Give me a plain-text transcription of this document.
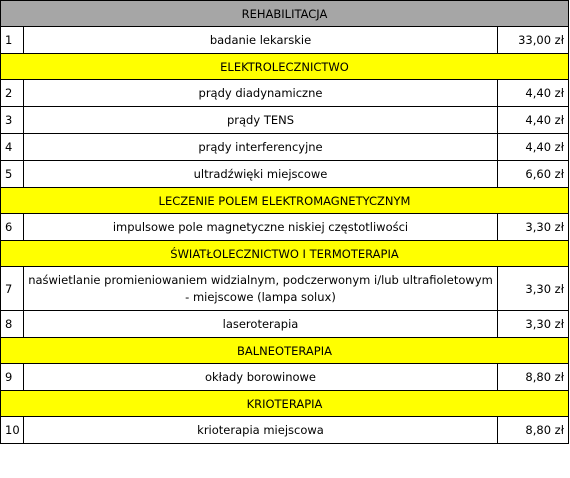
REHABILITACJA		
1	badanie lekarskie	33,00 zł
ELEKTROLECZNICTWO		
2	prądy diadynamiczne	4,40 zł
3	prądy TENS	4,40 zł
4	prądy interferencyjne	4,40 zł
5	ultradźwięki miejscowe	6,60 zł
LECZENIE POLEM ELEKTROMAGNETYCZNYM		
6	impulsowe pole magnetyczne niskiej częstotliwości	3,30 zł
ŚWIATŁOLECZNICTWO I TERMOTERAPIA		
7	naświetlanie promieniowaniem widzialnym, podczerwonym i/lub ultrafioletowym - miejscowe (lampa solux)	3,30 zł
8	laseroterapia	3,30 zł
BALNEOTERAPIA		
9	okłady borowinowe	8,80 zł
KRIOTERAPIA		
10	krioterapia miejscowa	8,80 zł
